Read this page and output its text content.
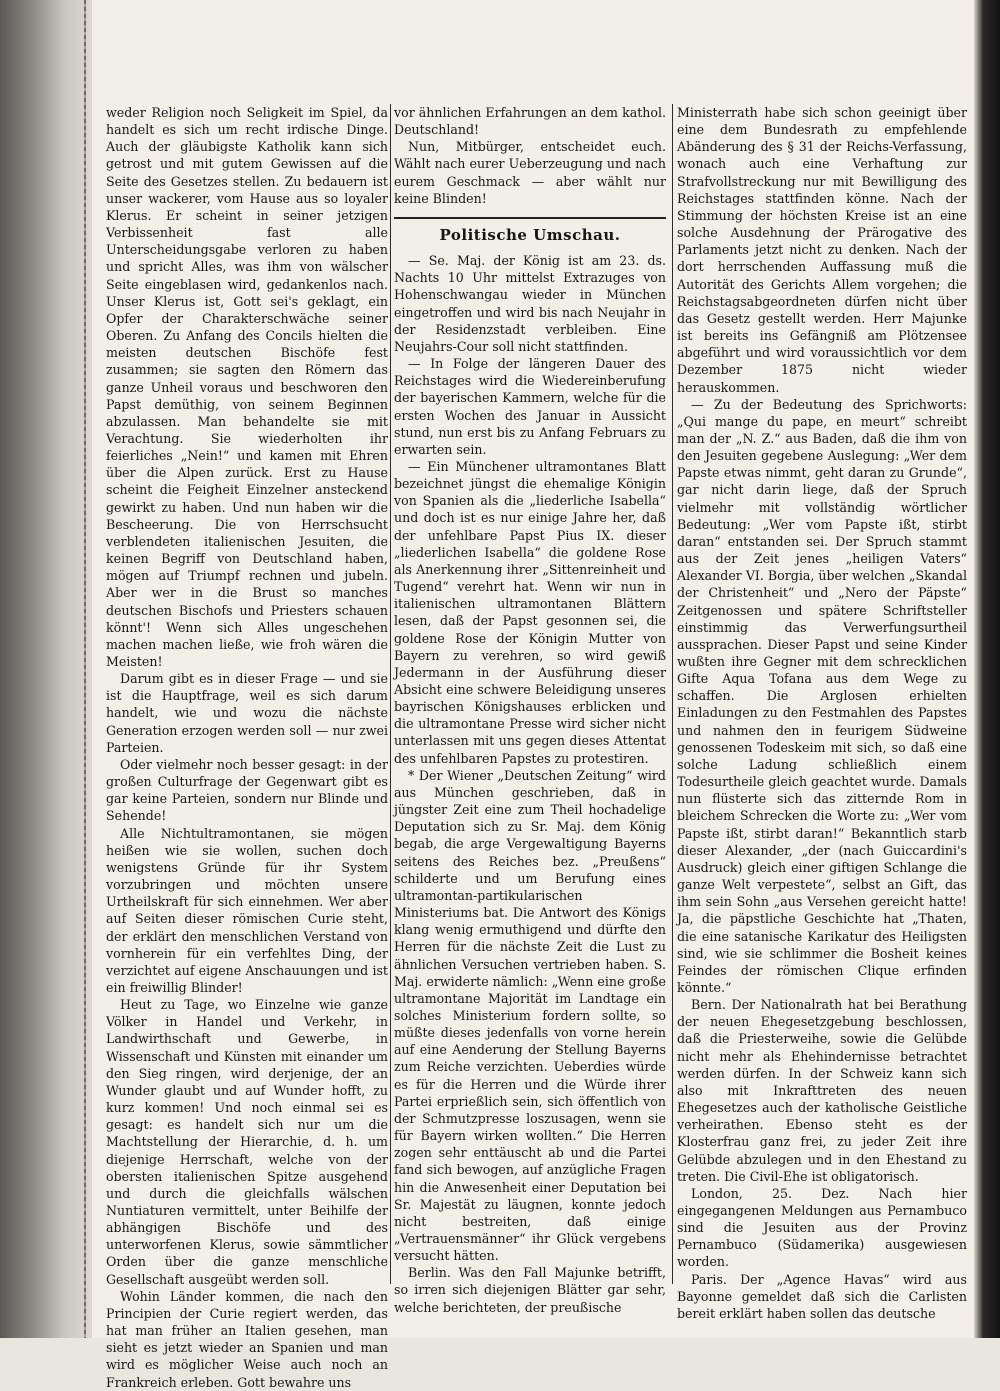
weder Religion noch Seligkeit im Spiel, da handelt es sich um recht irdische Dinge. Auch der gläubigste Katholik kann sich getrost und mit gutem Gewissen auf die Seite des Gesetzes stellen. Zu bedauern ist unser wackerer, vom Hause aus so loyaler Klerus. Er scheint in seiner jetzigen Verbissenheit fast alle Unterscheidungsgabe verloren zu haben und spricht Alles, was ihm von wälscher Seite eingeblasen wird, gedankenlos nach. Unser Klerus ist, Gott sei's geklagt, ein Opfer der Charakterschwäche seiner Oberen. Zu Anfang des Concils hielten die meisten deutschen Bischöfe fest zusammen; sie sagten den Römern das ganze Unheil voraus und beschworen den Papst demüthig, von seinem Beginnen abzulassen. Man behandelte sie mit Verachtung. Sie wiederholten ihr feierliches „Nein!“ und kamen mit Ehren über die Alpen zurück. Erst zu Hause scheint die Feigheit Einzelner ansteckend gewirkt zu haben. Und nun haben wir die Bescheerung. Die von Herrschsucht verblendeten italienischen Jesuiten, die keinen Begriff von Deutschland haben, mögen auf Triumpf rechnen und jubeln. Aber wer in die Brust so manches deutschen Bischofs und Priesters schauen könnt'! Wenn sich Alles ungeschehen machen machen ließe, wie froh wären die Meisten!

Darum gibt es in dieser Frage — und sie ist die Hauptfrage, weil es sich darum handelt, wie und wozu die nächste Generation erzogen werden soll — nur zwei Parteien.

Oder vielmehr noch besser gesagt: in der großen Culturfrage der Gegenwart gibt es gar keine Parteien, sondern nur Blinde und Sehende!

Alle Nichtultramontanen, sie mögen heißen wie sie wollen, suchen doch wenigstens Gründe für ihr System vorzubringen und möchten unsere Urtheilskraft für sich einnehmen. Wer aber auf Seiten dieser römischen Curie steht, der erklärt den menschlichen Verstand von vornherein für ein verfehltes Ding, der verzichtet auf eigene Anschauungen und ist ein freiwillig Blinder!

Heut zu Tage, wo Einzelne wie ganze Völker in Handel und Verkehr, in Landwirthschaft und Gewerbe, in Wissenschaft und Künsten mit einander um den Sieg ringen, wird derjenige, der an Wunder glaubt und auf Wunder hofft, zu kurz kommen! Und noch einmal sei es gesagt: es handelt sich nur um die Machtstellung der Hierarchie, d. h. um diejenige Herrschaft, welche von der obersten italienischen Spitze ausgehend und durch die gleichfalls wälschen Nuntiaturen vermittelt, unter Beihilfe der abhängigen Bischöfe und des unterworfenen Klerus, sowie sämmtlicher Orden über die ganze menschliche Gesellschaft ausgeübt werden soll.

Wohin Länder kommen, die nach den Principien der Curie regiert werden, das hat man früher an Italien gesehen, man sieht es jetzt wieder an Spanien und man wird es möglicher Weise auch noch an Frankreich erleben. Gott bewahre uns

vor ähnlichen Erfahrungen an dem kathol. Deutschland!

Nun, Mitbürger, entscheidet euch. Wählt nach eurer Ueberzeugung und nach eurem Geschmack — aber wählt nur keine Blinden!

Politische Umschau.

— Se. Maj. der König ist am 23. ds. Nachts 10 Uhr mittelst Extrazuges von Hohenschwangau wieder in München eingetroffen und wird bis nach Neujahr in der Residenzstadt verbleiben. Eine Neujahrs-Cour soll nicht stattfinden.

— In Folge der längeren Dauer des Reichstages wird die Wiedereinberufung der bayerischen Kammern, welche für die ersten Wochen des Januar in Aussicht stund, nun erst bis zu Anfang Februars zu erwarten sein.

— Ein Münchener ultramontanes Blatt bezeichnet jüngst die ehemalige Königin von Spanien als die „liederliche Isabella“ und doch ist es nur einige Jahre her, daß der unfehlbare Papst Pius IX. dieser „liederlichen Isabella“ die goldene Rose als Anerkennung ihrer „Sittenreinheit und Tugend“ verehrt hat. Wenn wir nun in italienischen ultramontanen Blättern lesen, daß der Papst gesonnen sei, die goldene Rose der Königin Mutter von Bayern zu verehren, so wird gewiß Jedermann in der Ausführung dieser Absicht eine schwere Beleidigung unseres bayrischen Königshauses erblicken und die ultramontane Presse wird sicher nicht unterlassen mit uns gegen dieses Attentat des unfehlbaren Papstes zu protestiren.

* Der Wiener „Deutschen Zeitung“ wird aus München geschrieben, daß in jüngster Zeit eine zum Theil hochadelige Deputation sich zu Sr. Maj. dem König begab, die arge Vergewaltigung Bayerns seitens des Reiches bez. „Preußens“ schilderte und um Berufung eines ultramontan-partikularischen Ministeriums bat. Die Antwort des Königs klang wenig ermuthigend und dürfte den Herren für die nächste Zeit die Lust zu ähnlichen Versuchen vertrieben haben. S. Maj. erwiderte nämlich: „Wenn eine große ultramontane Majorität im Landtage ein solches Ministerium fordern sollte, so müßte dieses jedenfalls von vorne herein auf eine Aenderung der Stellung Bayerns zum Reiche verzichten. Ueberdies würde es für die Herren und die Würde ihrer Partei erprießlich sein, sich öffentlich von der Schmutzpresse loszusagen, wenn sie für Bayern wirken wollten.“ Die Herren zogen sehr enttäuscht ab und die Partei fand sich bewogen, auf anzügliche Fragen hin die Anwesenheit einer Deputation bei Sr. Majestät zu läugnen, konnte jedoch nicht bestreiten, daß einige „Vertrauensmänner“ ihr Glück vergebens versucht hätten.

Berlin. Was den Fall Majunke betrifft, so irren sich diejenigen Blätter gar sehr, welche berichteten, der preußische

Ministerrath habe sich schon geeinigt über eine dem Bundesrath zu empfehlende Abänderung des § 31 der Reichs-Verfassung, wonach auch eine Verhaftung zur Strafvollstreckung nur mit Bewilligung des Reichstages stattfinden könne. Nach der Stimmung der höchsten Kreise ist an eine solche Ausdehnung der Prärogative des Parlaments jetzt nicht zu denken. Nach der dort herrschenden Auffassung muß die Autorität des Gerichts Allem vorgehen; die Reichstagsabgeordneten dürfen nicht über das Gesetz gestellt werden. Herr Majunke ist bereits ins Gefängniß am Plötzensee abgeführt und wird voraussichtlich vor dem Dezember 1875 nicht wieder herauskommen.

— Zu der Bedeutung des Sprichworts: „Qui mange du pape, en meurt“ schreibt man der „N. Z.“ aus Baden, daß die ihm von den Jesuiten gegebene Auslegung: „Wer dem Papste etwas nimmt, geht daran zu Grunde“, gar nicht darin liege, daß der Spruch vielmehr mit vollständig wörtlicher Bedeutung: „Wer vom Papste ißt, stirbt daran“ entstanden sei. Der Spruch stammt aus der Zeit jenes „heiligen Vaters“ Alexander VI. Borgia, über welchen „Skandal der Christenheit“ und „Nero der Päpste“ Zeitgenossen und spätere Schriftsteller einstimmig das Verwerfungsurtheil aussprachen. Dieser Papst und seine Kinder wußten ihre Gegner mit dem schrecklichen Gifte Aqua Tofana aus dem Wege zu schaffen. Die Arglosen erhielten Einladungen zu den Festmahlen des Papstes und nahmen den in feurigem Südweine genossenen Todeskeim mit sich, so daß eine solche Ladung schließlich einem Todesurtheile gleich geachtet wurde. Damals nun flüsterte sich das zitternde Rom in bleichem Schrecken die Worte zu: „Wer vom Papste ißt, stirbt daran!“ Bekanntlich starb dieser Alexander, „der (nach Guiccardini's Ausdruck) gleich einer giftigen Schlange die ganze Welt verpestete“, selbst an Gift, das ihm sein Sohn „aus Versehen gereicht hatte! Ja, die päpstliche Geschichte hat „Thaten, die eine satanische Karikatur des Heiligsten sind, wie sie schlimmer die Bosheit keines Feindes der römischen Clique erfinden könnte.“

Bern. Der Nationalrath hat bei Berathung der neuen Ehegesetzgebung beschlossen, daß die Priesterweihe, sowie die Gelübde nicht mehr als Ehehindernisse betrachtet werden dürfen. In der Schweiz kann sich also mit Inkrafttreten des neuen Ehegesetzes auch der katholische Geistliche verheirathen. Ebenso steht es der Klosterfrau ganz frei, zu jeder Zeit ihre Gelübde abzulegen und in den Ehestand zu treten. Die Civil-Ehe ist obligatorisch.

London, 25. Dez. Nach hier eingegangenen Meldungen aus Pernambuco sind die Jesuiten aus der Provinz Pernambuco (Südamerika) ausgewiesen worden.

Paris. Der „Agence Havas“ wird aus Bayonne gemeldet daß sich die Carlisten bereit erklärt haben sollen das deutsche
